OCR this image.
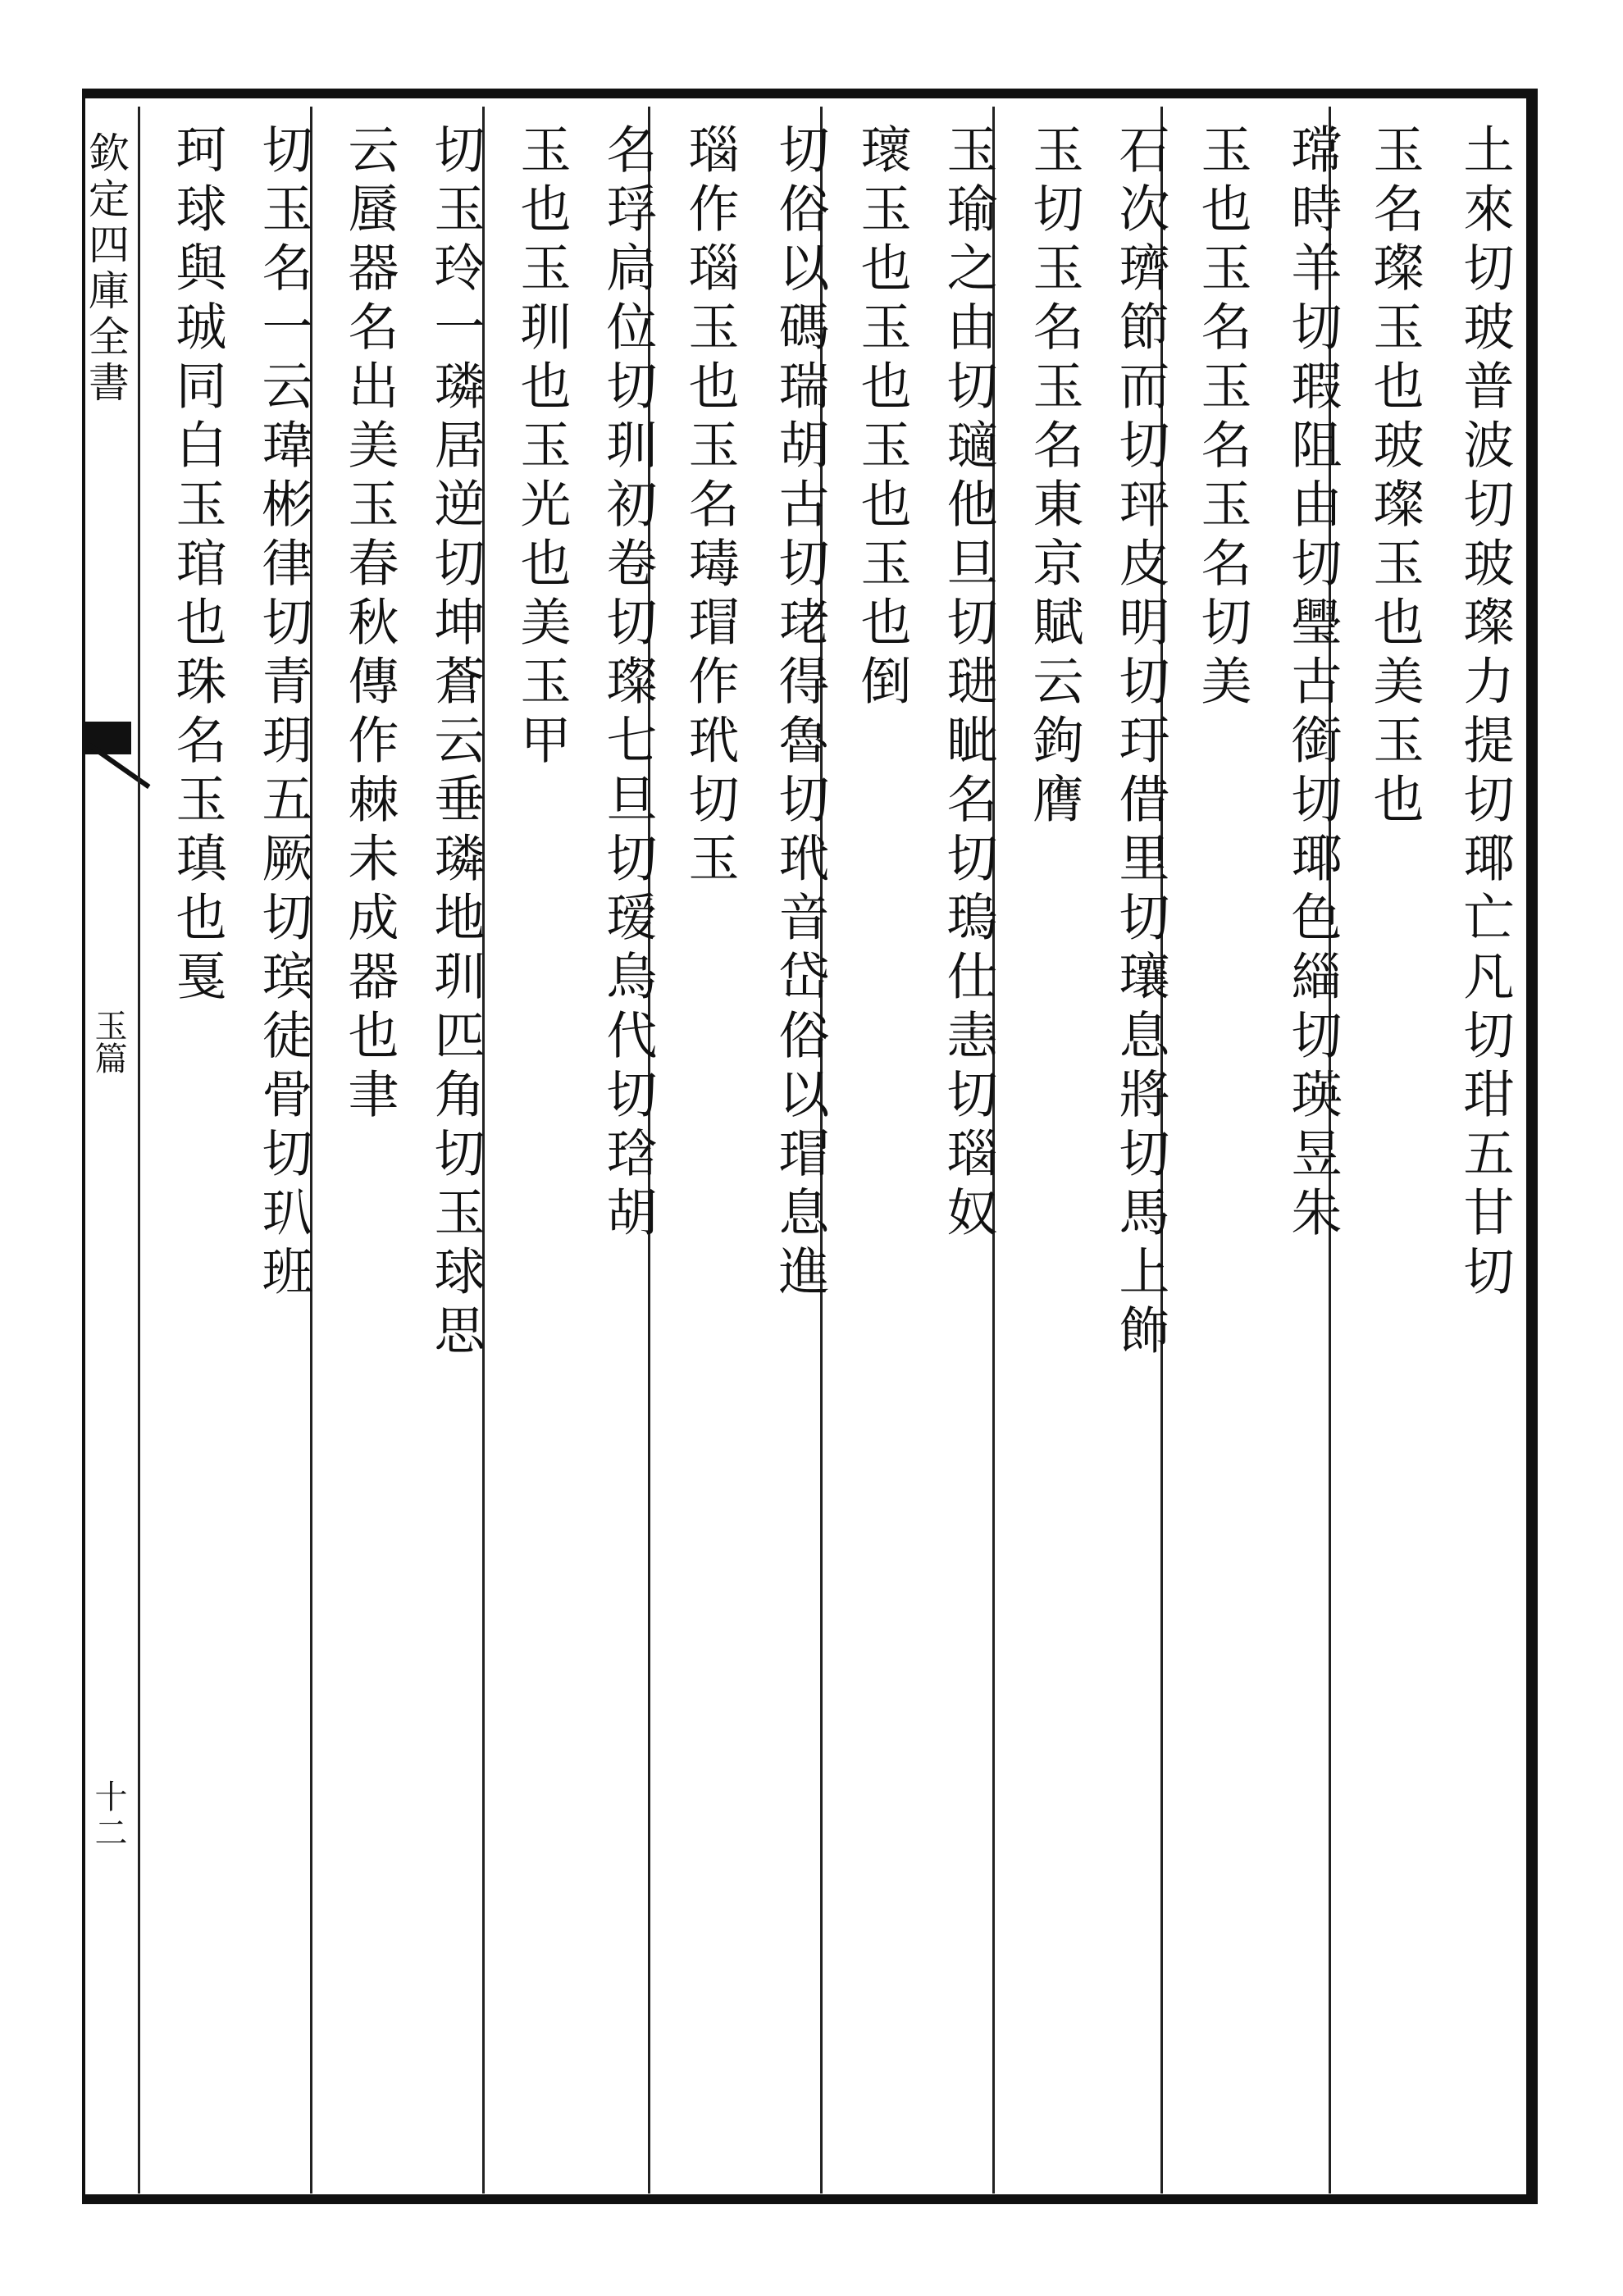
欽定四庫全書
玉篇
十二
土來切玻普波切玻璨力提切瑘亡凡切玵五甘切
玉名璨玉也玻璨玉也美玉也
瑺時羊切瑕阻由切璺古銜切瑘色緇切瑛昱朱
玉也玉名玉名玉名切美
石次璾節而切玶皮明切玗借里切瓖息將切馬上飾
玉切玉名玉名東京賦云鉤膺
玉瑜之由切瓋他旦切琎眦名切瑦仕恚切瑙奴
瓌玉也玉也玉也玉也倒
切俗以碼瑞胡古切珯得魯切玳音岱俗以瑁息進
瑙作瑙玉也玉名瑇瑁作玳切玉
名琈扃位切玔初卷切璨七旦切瑷烏代切琀胡
玉也玉玔也玉光也美玉甲
切玉玲一璘居逆切坤蒼云垂璘地玔匹角切玉球思
云蜃器名出美玉春秋傳作棘未成器也聿
切玉名一云瑋彬律切青玥五厥切瑸徒骨切玐班
珂球與珹同白玉琯也珠名玉瑱也戛
